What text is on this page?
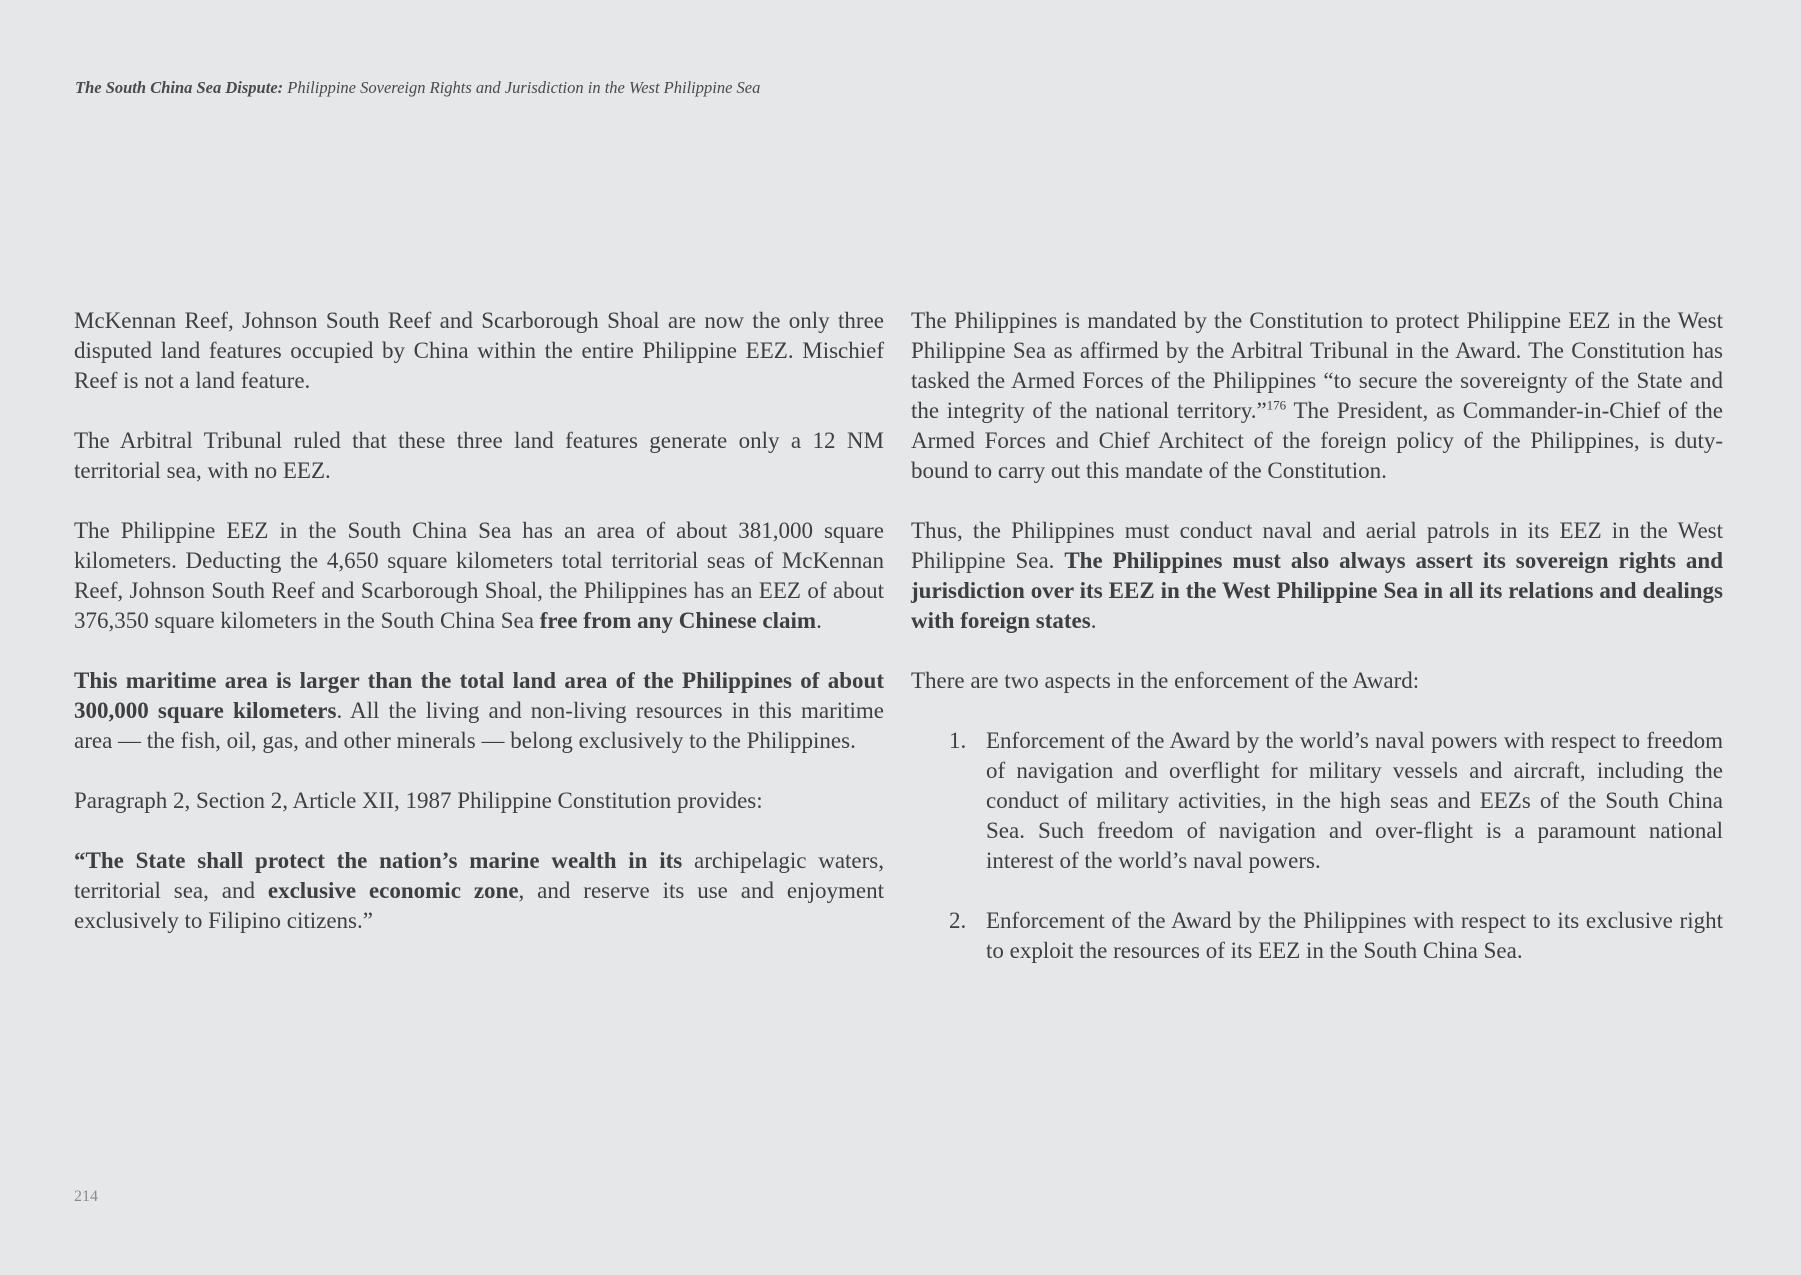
The South China Sea Dispute: Philippine Sovereign Rights and Jurisdiction in the West Philippine Sea

McKennan Reef, Johnson South Reef and Scarborough Shoal are now the only three disputed land features occupied by China within the entire Philippine EEZ. Mischief Reef is not a land feature.

The Arbitral Tribunal ruled that these three land features generate only a 12 NM territorial sea, with no EEZ.

The Philippine EEZ in the South China Sea has an area of about 381,000 square kilometers. Deducting the 4,650 square kilometers total territorial seas of McKennan Reef, Johnson South Reef and Scarborough Shoal, the Philippines has an EEZ of about 376,350 square kilometers in the South China Sea free from any Chinese claim.

This maritime area is larger than the total land area of the Philippines of about 300,000 square kilometers. All the living and non-living resources in this maritime area — the fish, oil, gas, and other minerals — belong exclusively to the Philippines.

Paragraph 2, Section 2, Article XII, 1987 Philippine Constitution provides:

“The State shall protect the nation’s marine wealth in its archipelagic waters, territorial sea, and exclusive economic zone, and reserve its use and enjoyment exclusively to Filipino citizens.”

The Philippines is mandated by the Constitution to protect Philippine EEZ in the West Philippine Sea as affirmed by the Arbitral Tribunal in the Award. The Constitution has tasked the Armed Forces of the Philippines “to secure the sovereignty of the State and the integrity of the national territory.”$^{176}$ The President, as Commander-in-Chief of the Armed Forces and Chief Architect of the foreign policy of the Philippines, is duty-bound to carry out this mandate of the Constitution.

Thus, the Philippines must conduct naval and aerial patrols in its EEZ in the West Philippine Sea. The Philippines must also always assert its sovereign rights and jurisdiction over its EEZ in the West Philippine Sea in all its relations and dealings with foreign states.

There are two aspects in the enforcement of the Award:

1. Enforcement of the Award by the world’s naval powers with respect to freedom of navigation and overflight for military vessels and aircraft, including the conduct of military activities, in the high seas and EEZs of the South China Sea. Such freedom of navigation and over-flight is a paramount national interest of the world’s naval powers.
2. Enforcement of the Award by the Philippines with respect to its exclusive right to exploit the resources of its EEZ in the South China Sea.
214
